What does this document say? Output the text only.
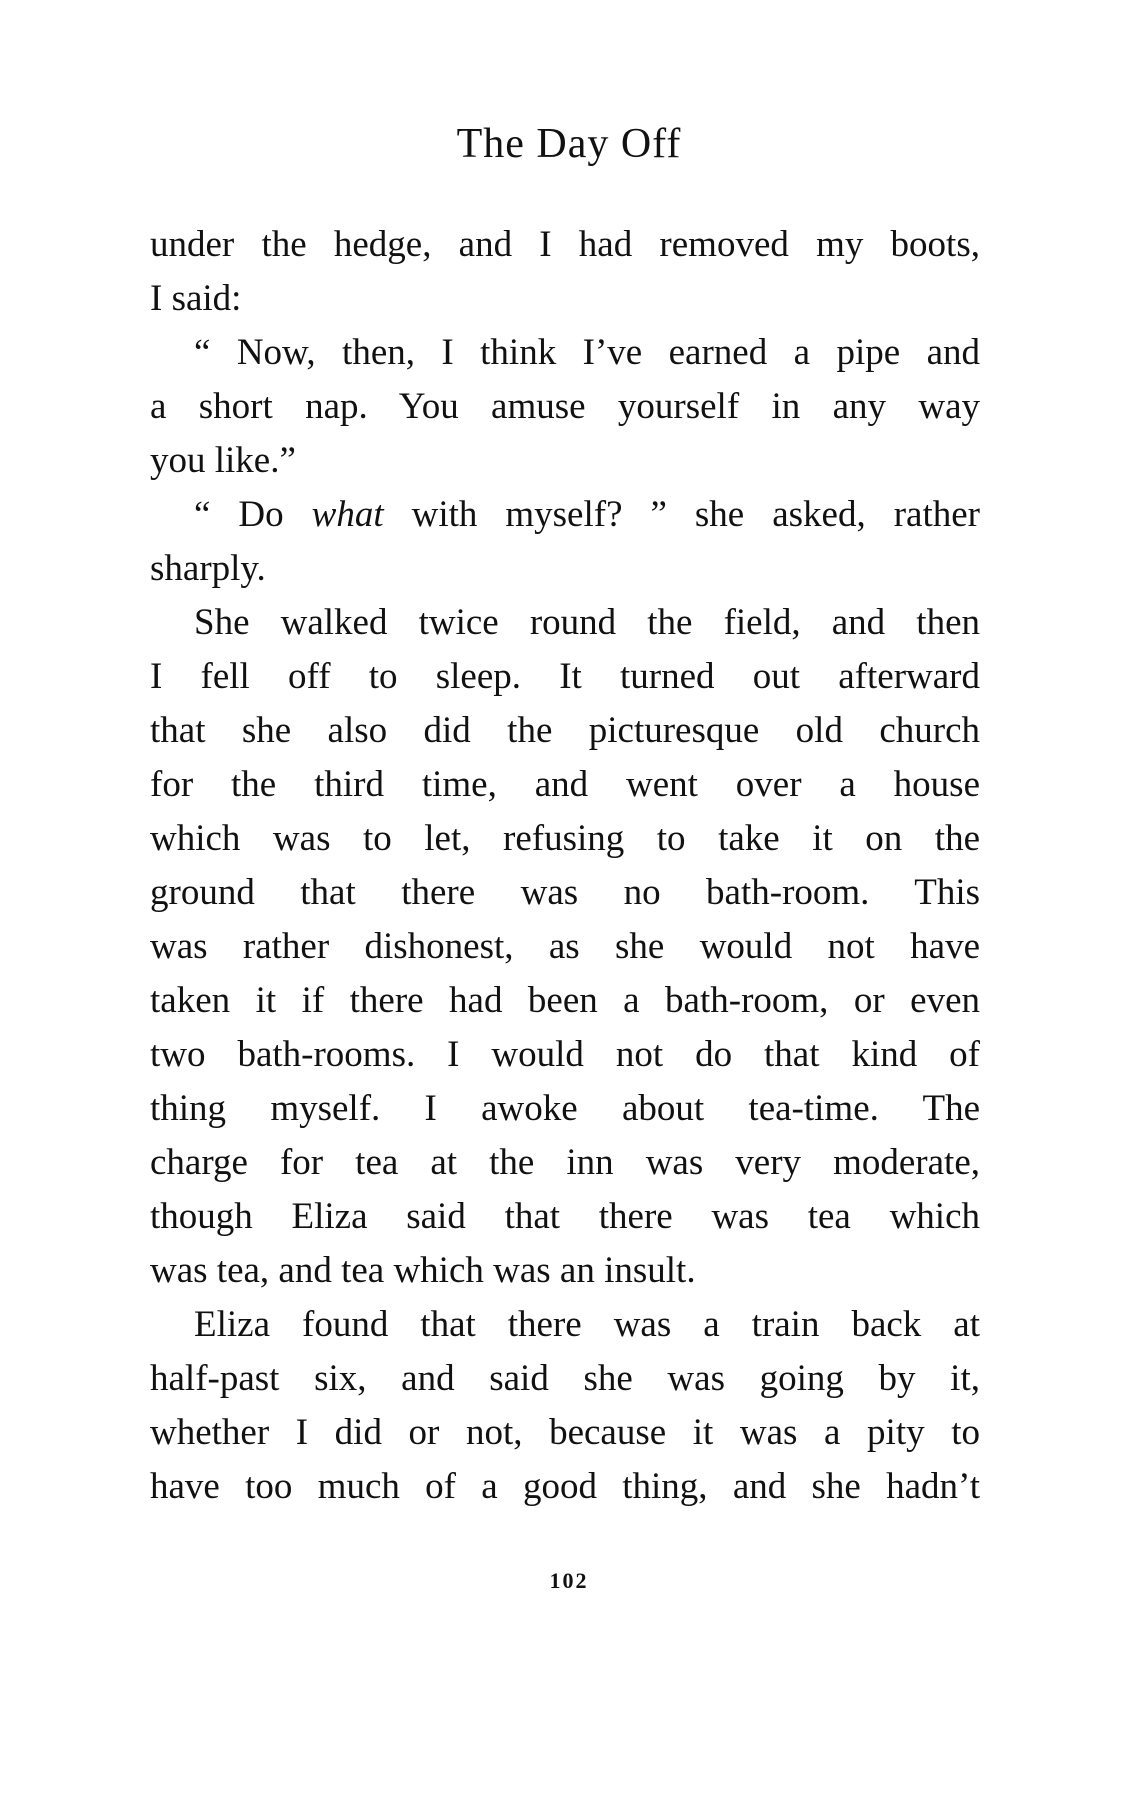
The Day Off
under the hedge, and I had removed my boots,
I said:
“ Now, then, I think I’ve earned a pipe and
a short nap. You amuse yourself in any way
you like.”
“ Do what with myself? ” she asked, rather
sharply.
She walked twice round the field, and then
I fell off to sleep. It turned out afterward
that she also did the picturesque old church
for the third time, and went over a house
which was to let, refusing to take it on the
ground that there was no bath-room. This
was rather dishonest, as she would not have
taken it if there had been a bath-room, or even
two bath-rooms. I would not do that kind of
thing myself. I awoke about tea-time. The
charge for tea at the inn was very moderate,
though Eliza said that there was tea which
was tea, and tea which was an insult.
Eliza found that there was a train back at
half-past six, and said she was going by it,
whether I did or not, because it was a pity to
have too much of a good thing, and she hadn’t
102
